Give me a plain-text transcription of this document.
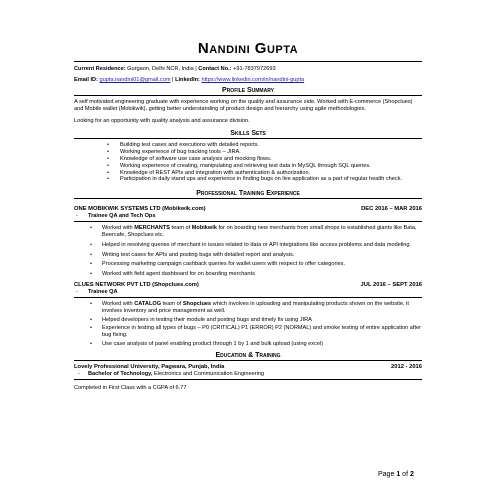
Nandini Gupta
Current Residence: Gurgaon, Delhi NCR, India | Contact No.: +91-7837972693
Email ID: gupta.nandini01@gmail.com | LinkedIn: https://www.linkedin.com/in/nandini-gupta
Profile Summary
A self motivated engineering graduate with experience working on the quality and assurance side. Worked with E-commerce (Shopclues) and Mobile wallet (Mobikwik), getting better understanding of product design and hierarchy using agile methodologies.
Looking for an opportunity with quality analysis and assurance division.
Skills Sets
• Building test cases and executions with detailed reports.
• Working experience of bug tracking tools – JIRA.
• Knowledge of software use case analysis and mocking flows.
• Working experience of creating, manipulating and retrieving test data in MySQL through SQL queries.
• Knowledge of REST APIs and integration with authentication & authorization.
• Participation in daily stand ups and experience in finding bugs on live application as a part of regular health check.
Professional Training Experience
ONE MOBIKWIK SYSTEMS LTD (Mobikwik.com)	DEC 2016 – MAR 2016
- Trainee QA and Tech Ops
• Worked with MERCHANTS team of Mobikwik for on boarding new merchants from small shops to established giants like Bata, Beercafe, Shopclues etc.
• Helped in resolving queries of merchant in issues related to data or API integrations like access problems and data modeling.
• Writing test cases for APIs and posting bugs with detailed report and analysis.
• Processing marketing campaign cashback queries for wallet users with respect to offer categories.
• Worked with field agent dashboard for on boarding merchants
CLUES NETWORK PVT LTD (Shopclues.com)	JUL 2016 – SEPT 2016
- Trainee QA
• Worked with CATALOG team of Shopclues which involves in uploading and manipulating products shown on the website, it involves inventory and price management as well.
• Helped developers in testing their module and posting bugs and timely fix using JIRA
• Experience in testing all types of bugs – P0 (CRITICAL) P1 (ERROR) P2 (NORMAL) and smoke testing of entire application after bug fixing.
• Use case analysis of panel enabling product through 1 by 1 and bulk upload (using excel)
Education & Training
Lovely Professional University, Pagwara, Punjab, India	2012 - 2016
- Bachelor of Technology, Electronics and Communication Engineering
Completed in First Class with a CGPA of 6.77
Page 1 of 2
